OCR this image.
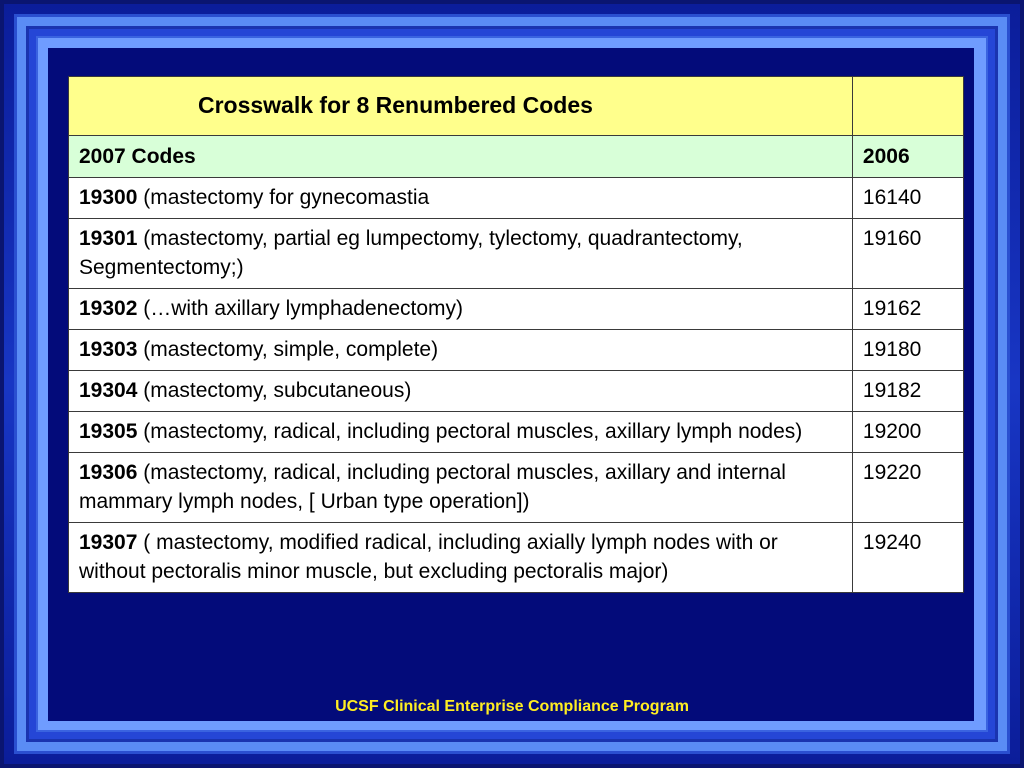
Crosswalk for 8 Renumbered Codes	
2007 Codes	2006
19300 (mastectomy for gynecomastia	16140
19301 (mastectomy, partial eg lumpectomy, tylectomy, quadrantectomy, Segmentectomy;)	19160
19302 (…with axillary lymphadenectomy)	19162
19303 (mastectomy, simple, complete)	19180
19304 (mastectomy, subcutaneous)	19182
19305 (mastectomy, radical, including pectoral muscles, axillary lymph nodes)	19200
19306 (mastectomy, radical, including pectoral muscles, axillary and internal mammary lymph nodes, [ Urban type operation])	19220
19307 ( mastectomy, modified radical, including axially lymph nodes with or without pectoralis minor muscle, but excluding pectoralis major)	19240
UCSF Clinical Enterprise Compliance Program
